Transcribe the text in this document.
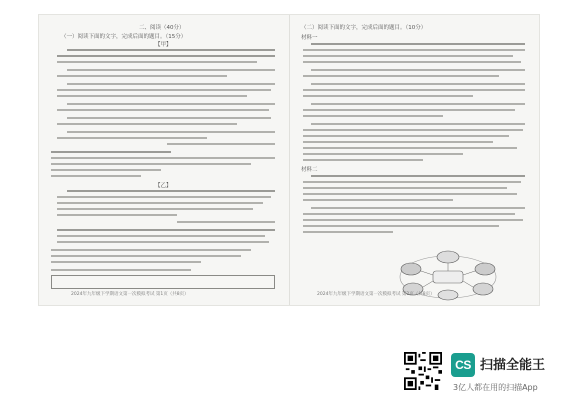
二、阅读（40分）
（一）阅读下面的文字，完成后面的题目。（15分）
【甲】
【乙】
2024年九年级下学期语文第一次模拟考试 第1页（共8页）
（二）阅读下面的文字，完成后面的题目。（10分）
材料一
材料二
2024年九年级下学期语文第一次模拟考试 第2页（共8页）
CS 扫描全能王
3亿人都在用的扫描App
